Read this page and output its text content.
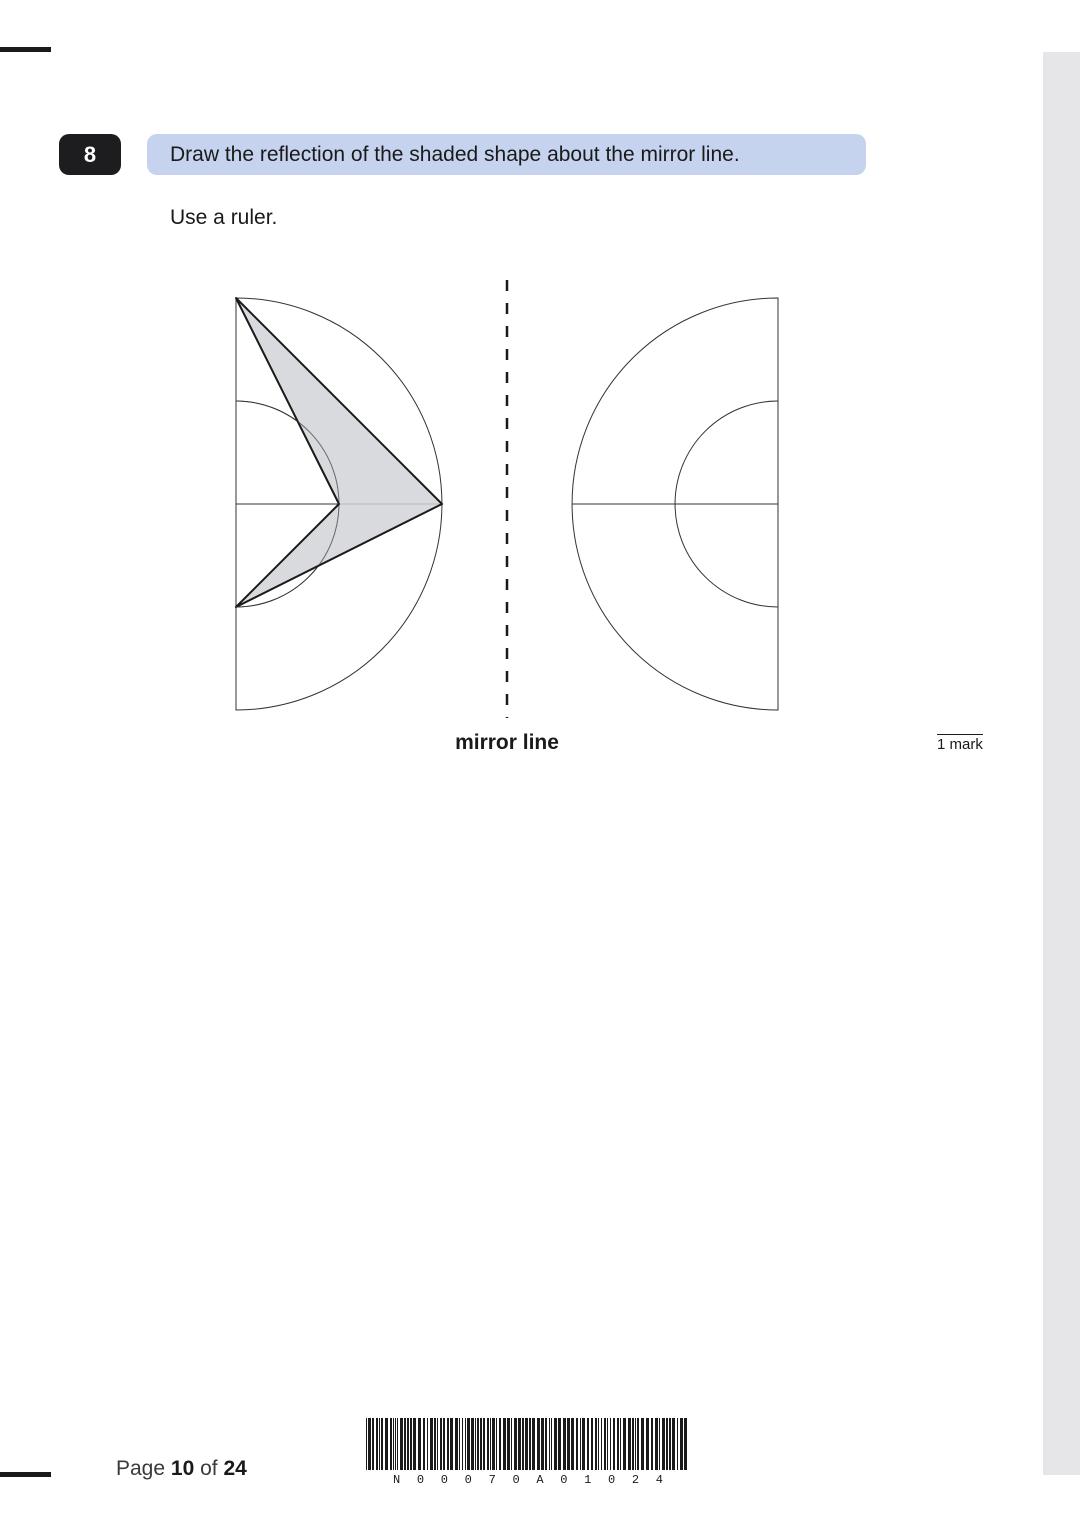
8	Draw the reflection of the shaded shape about the mirror line.
Use a ruler.
mirror line	1 mark
Page 10 of 24	N 0 0 0 7 0 A 0 1 0 2 4
